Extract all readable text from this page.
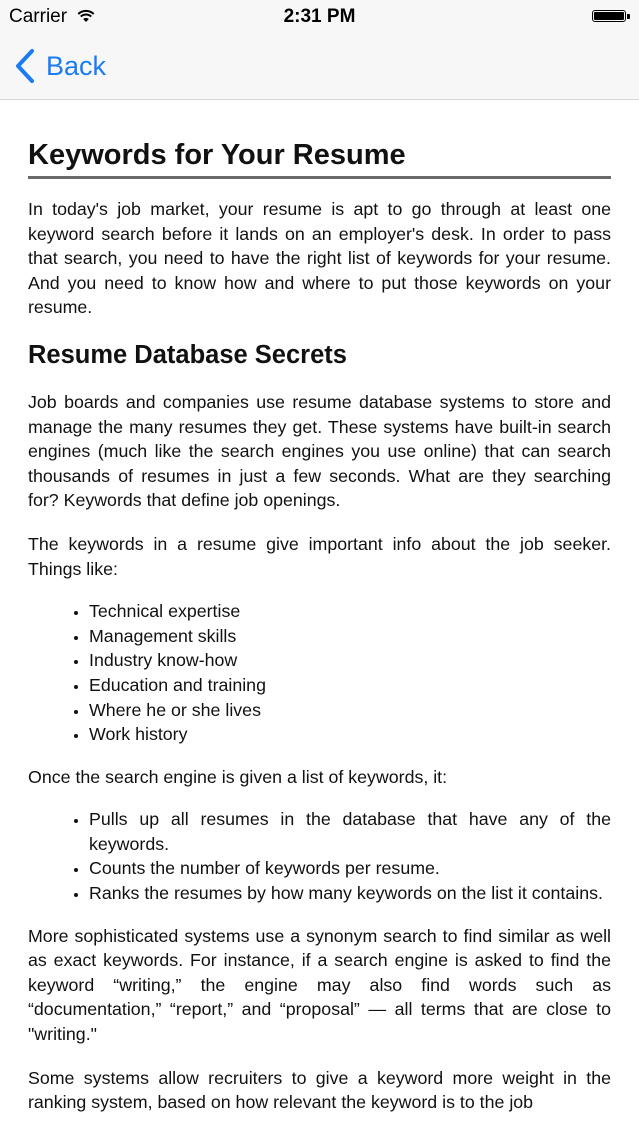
Carrier	2:31 PM
Back
Keywords for Your Resume

In today's job market, your resume is apt to go through at least one keyword search before it lands on an employer's desk. In order to pass that search, you need to have the right list of keywords for your resume. And you need to know how and where to put those keywords on your resume.

Resume Database Secrets

Job boards and companies use resume database systems to store and manage the many resumes they get. These systems have built-in search engines (much like the search engines you use online) that can search thousands of resumes in just a few seconds. What are they searching for? Keywords that define job openings.

The keywords in a resume give important info about the job seeker. Things like:

• Technical expertise
• Management skills
• Industry know-how
• Education and training
• Where he or she lives
• Work history

Once the search engine is given a list of keywords, it:

• Pulls up all resumes in the database that have any of the keywords.
• Counts the number of keywords per resume.
• Ranks the resumes by how many keywords on the list it contains.

More sophisticated systems use a synonym search to find similar as well as exact keywords. For instance, if a search engine is asked to find the keyword “writing,” the engine may also find words such as “documentation,” “report,” and “proposal” — all terms that are close to "writing."

Some systems allow recruiters to give a keyword more weight in the ranking system, based on how relevant the keyword is to the job
